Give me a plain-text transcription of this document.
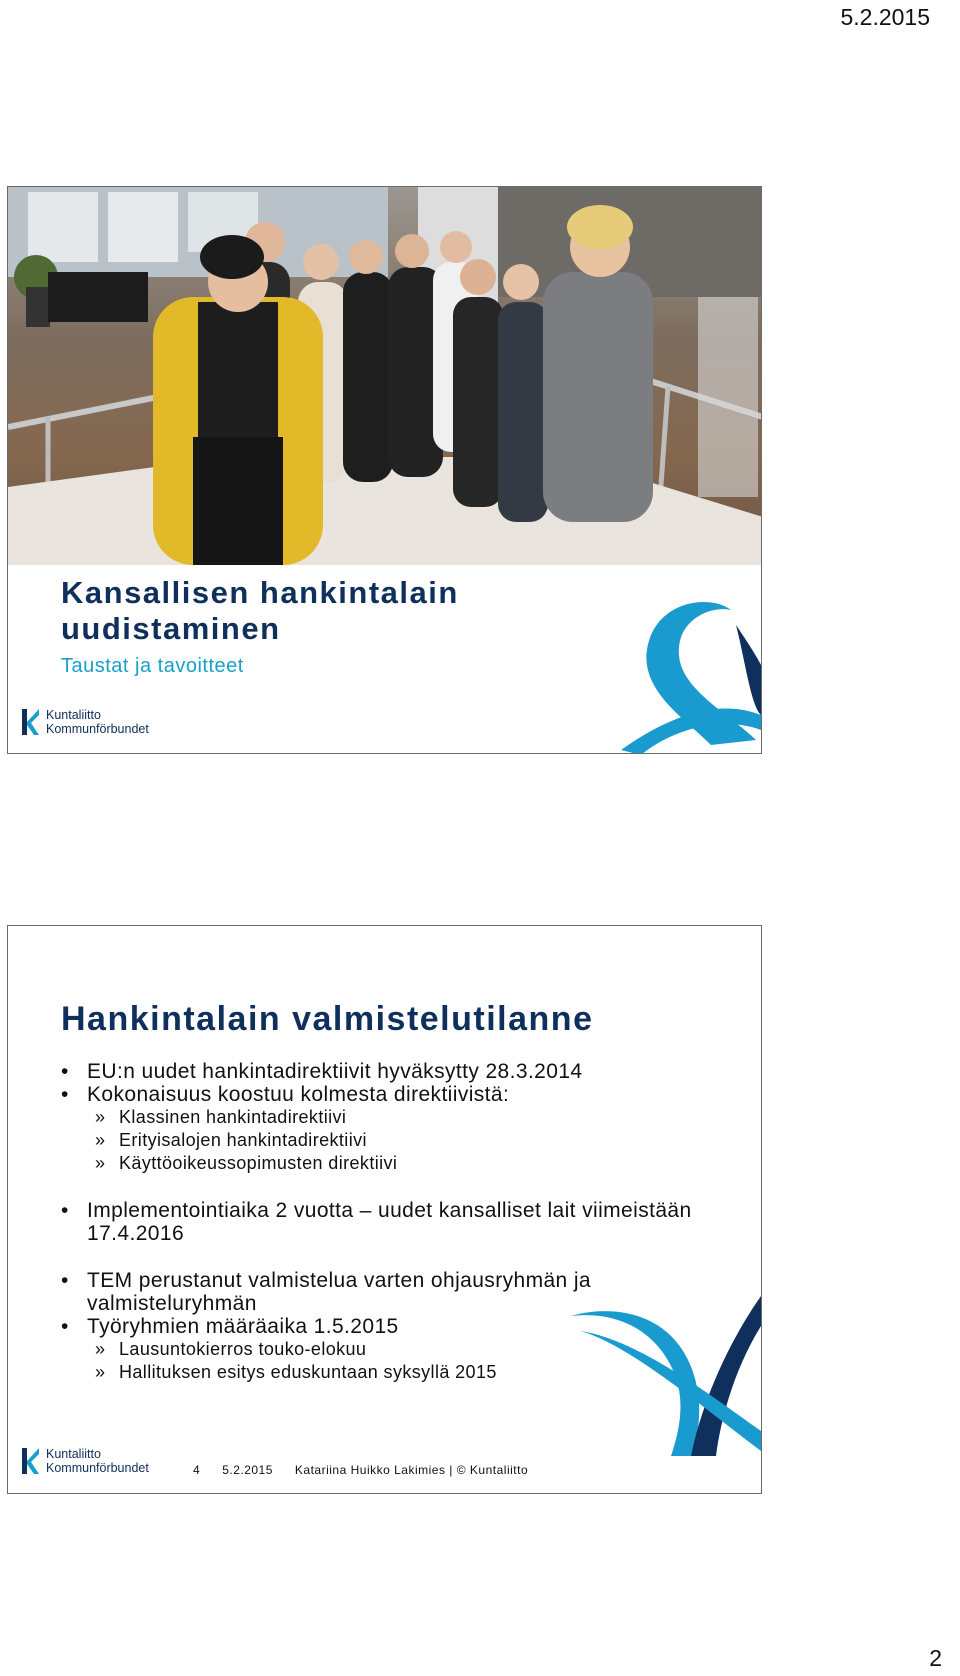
5.2.2015
Kansallisen hankintalain uudistaminen
Taustat ja tavoitteet
Kuntaliitto
Kommunförbundet
Hankintalain valmistelutilanne
• EU:n uudet hankintadirektiivit hyväksytty 28.3.2014
• Kokonaisuus koostuu kolmesta direktiivistä:
» Klassinen hankintadirektiivi
» Erityisalojen hankintadirektiivi
» Käyttöoikeussopimusten direktiivi
• Implementointiaika 2 vuotta – uudet kansalliset lait viimeistään 17.4.2016
• TEM perustanut valmistelua varten ohjausryhmän ja valmisteluryhmän
• Työryhmien määräaika 1.5.2015
» Lausuntokierros touko-elokuu
» Hallituksen esitys eduskuntaan syksyllä 2015
Kuntaliitto
Kommunförbundet	4 5.2.2015 Katariina Huikko Lakimies | © Kuntaliitto
2
